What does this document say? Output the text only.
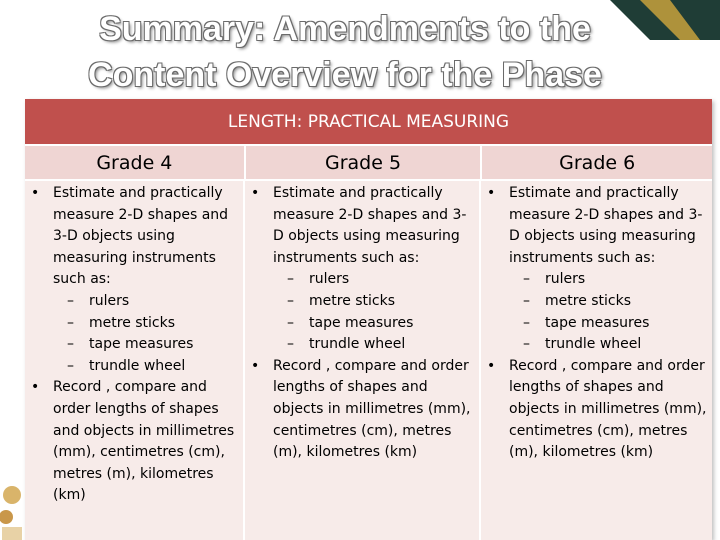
Summary: Amendments to the
Content Overview for the Phase
LENGTH: PRACTICAL MEASURING
Grade 4	Grade 5	Grade 6
• Estimate and practically measure 2-D shapes and 3-D objects using measuring instruments such as:
– rulers
– metre sticks
– tape measures
– trundle wheel
• Record , compare and order lengths of shapes and objects in millimetres (mm), centimetres (cm), metres (m), kilometres (km)
• Estimate and practically measure 2-D shapes and 3-D objects using measuring instruments such as:
– rulers
– metre sticks
– tape measures
– trundle wheel
• Record , compare and order lengths of shapes and objects in millimetres (mm), centimetres (cm), metres (m), kilometres (km)
• Estimate and practically measure 2-D shapes and 3-D objects using measuring instruments such as:
– rulers
– metre sticks
– tape measures
– trundle wheel
• Record , compare and order lengths of shapes and objects in millimetres (mm), centimetres (cm), metres (m), kilometres (km)
